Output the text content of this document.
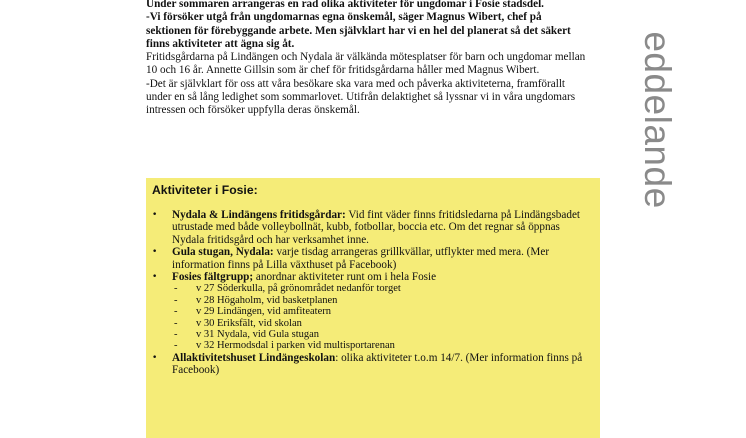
Under sommaren arrangeras en rad olika aktiviteter för ungdomar i Fosie stadsdel.

-Vi försöker utgå från ungdomarnas egna önskemål, säger Magnus Wibert, chef på sektionen för förebyggande arbete. Men självklart har vi en hel del planerat så det säkert finns aktiviteter att ägna sig åt.

Fritidsgårdarna på Lindängen och Nydala är välkända mötesplatser för barn och ungdomar mellan 10 och 16 år. Annette Gillsin som är chef för fritidsgårdarna håller med Magnus Wibert.

-Det är självklart för oss att våra besökare ska vara med och påverka aktiviteterna, framförallt under en så lång ledighet som sommarlovet. Utifrån delaktighet så lyssnar vi in våra ungdomars intressen och försöker uppfylla deras önskemål.	eddelande
Aktiviteter i Fosie:
• Nydala & Lindängens fritidsgårdar: Vid fint väder finns fritidsledarna på Lindängsbadet utrustade med både volleybollnät, kubb, fotbollar, boccia etc. Om det regnar så öppnas Nydala fritidsgård och har verksamhet inne.
• Gula stugan, Nydala: varje tisdag arrangeras grillkvällar, utflykter med mera. (Mer information finns på Lilla växthuset på Facebook)
• Fosies fältgrupp; anordnar aktiviteter runt om i hela Fosie
- v 27 Söderkulla, på grönområdet nedanför torget
- v 28 Högaholm, vid basketplanen
- v 29 Lindängen, vid amfiteatern
- v 30 Eriksfält, vid skolan
- v 31 Nydala, vid Gula stugan
- v 32 Hermodsdal i parken vid multisportarenan
• Allaktivitetshuset Lindängeskolan: olika aktiviteter t.o.m 14/7. (Mer information finns på Facebook)
